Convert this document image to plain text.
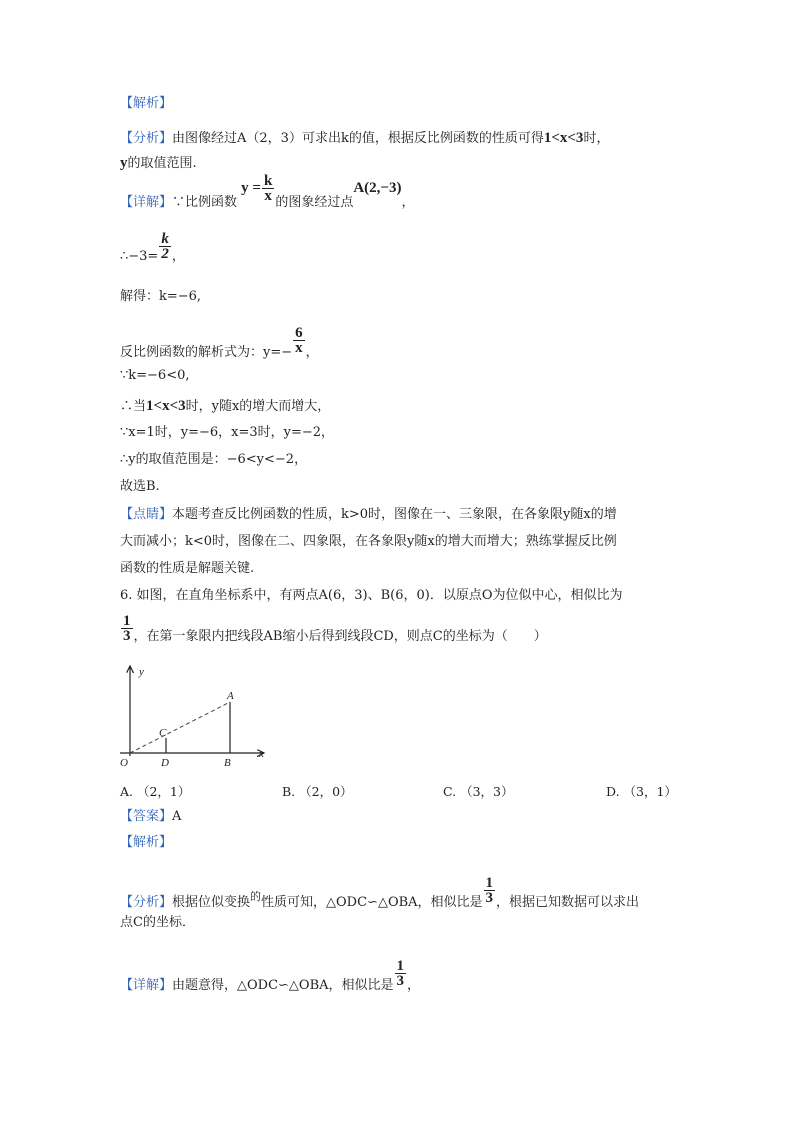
【解析】
【分析】由图像经过A（2，3）可求出k的值，根据反比例函数的性质可得1<x<3时，
y的取值范围.
【详解】∵比例函数 $y = \frac{k}{x}$ 的图象经过点A(2,−3)，
∴−3= $\frac{k}{2}$ ，
解得：k=−6,
反比例函数的解析式为：$y=- \frac{6}{x}$ ，
∵k=−6<0,
∴当1<x<3时，y随x的增大而增大，
∵x=1时，y=−6，x=3时，y=−2，
∴y的取值范围是：−6<y<−2，
故选B.
【点睛】本题考查反比例函数的性质，k>0时，图像在一、三象限，在各象限y随x的增
大而减小；k<0时，图像在二、四象限，在各象限y随x的增大而增大；熟练掌握反比例
函数的性质是解题关键.
6. 如图，在直角坐标系中，有两点A(6，3)、B(6，0)．以原点O为位似中心，相似比为
$\frac{1}{3}$ ，在第一象限内把线段AB缩小后得到线段CD，则点C的坐标为（　　）
y
x
O
A
B
C
D
A. （2，1）	B. （2，0）	C. （3，3）	D. （3，1）
【答案】A
【解析】
【分析】根据位似变换$^的$性质可知，△ODC∽△OBA，相似比是 $\frac{1}{3}$ ，根据已知数据可以求出
点C的坐标．
【详解】由题意得，△ODC∽△OBA，相似比是 $\frac{1}{3}$ ，
